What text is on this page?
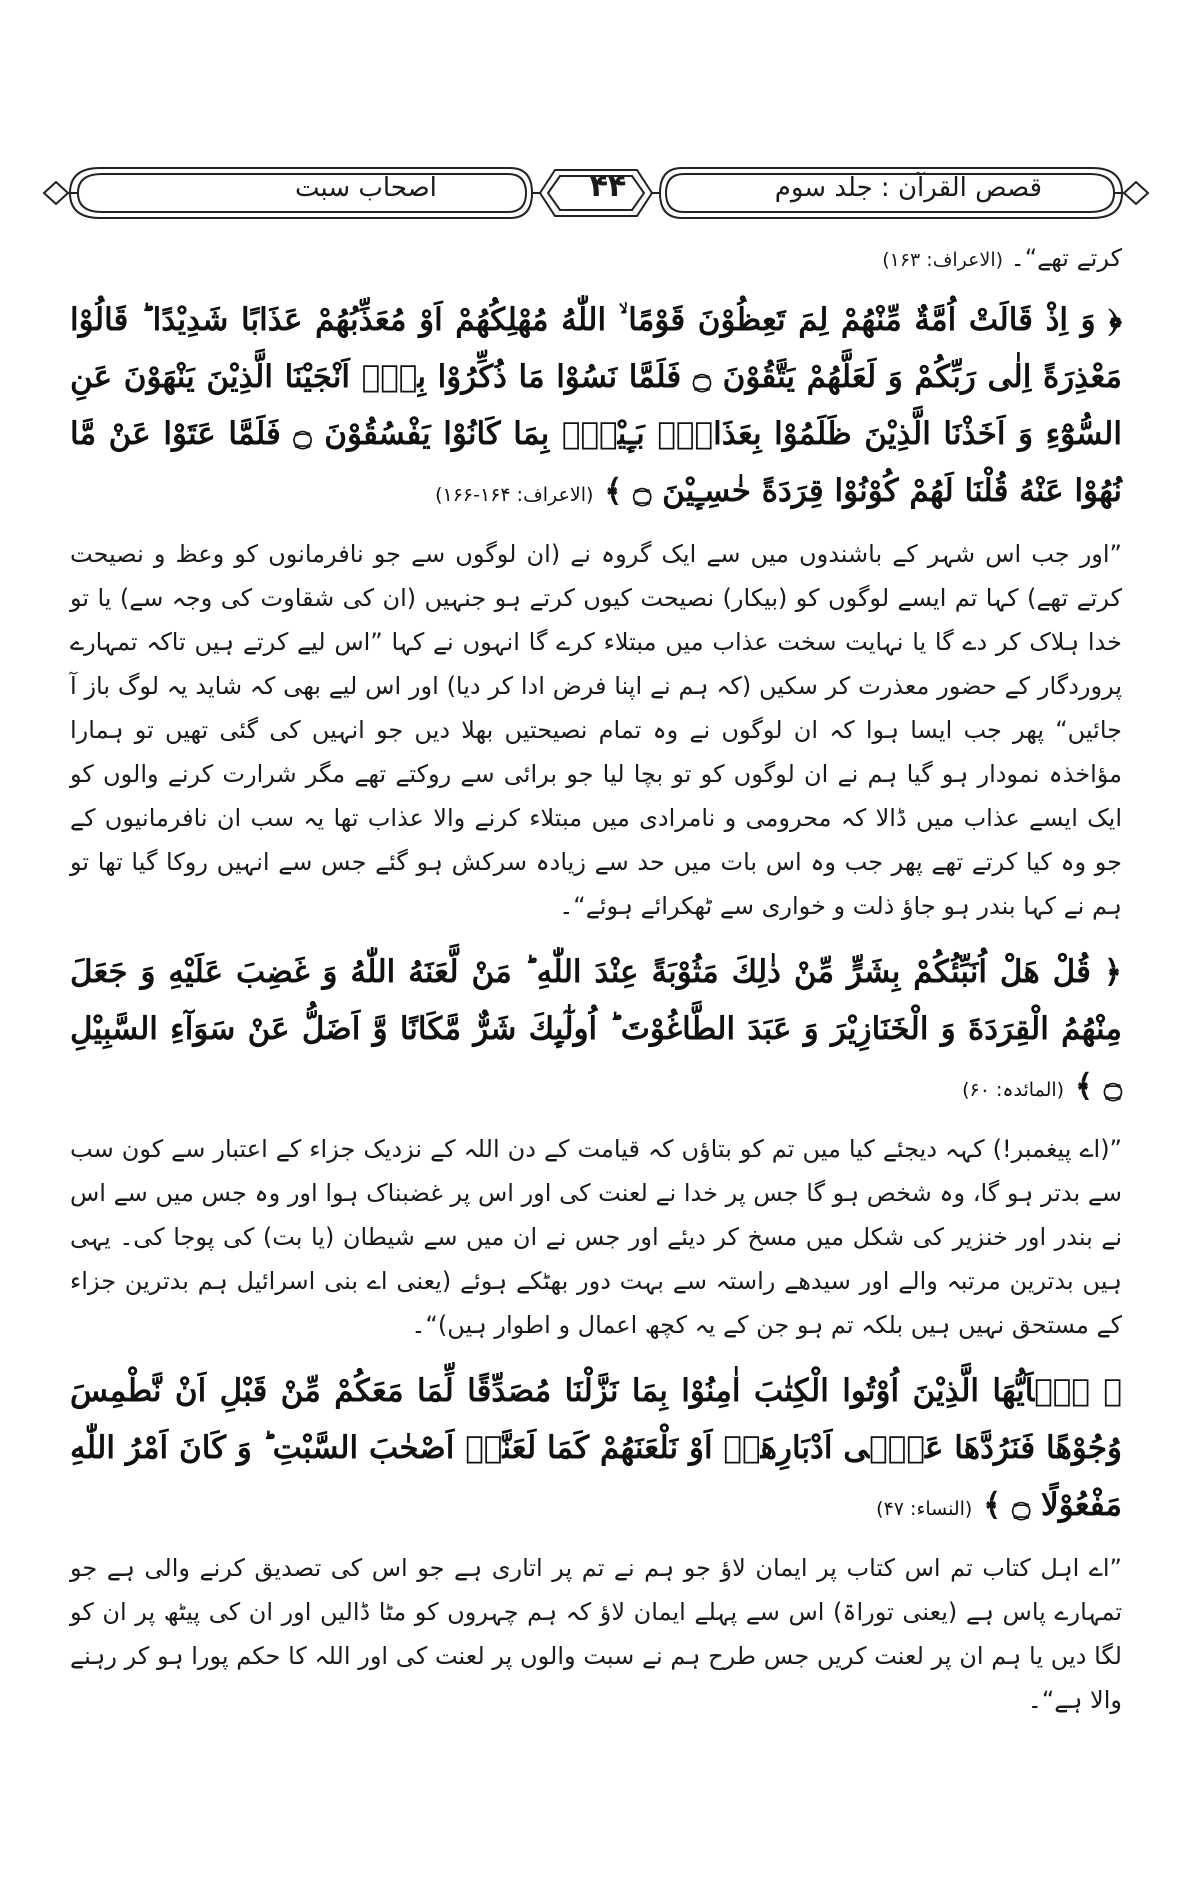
قصص القرآن : جلد سوم
۴۴
اصحاب سبت

کرتے تھے“۔ (الاعراف: ۱۶۳)

﴿ وَ اِذْ قَالَتْ اُمَّةٌ مِّنْهُمْ لِمَ تَعِظُوْنَ قَوْمًا ۙ اللّٰهُ مُهْلِكُهُمْ اَوْ مُعَذِّبُهُمْ عَذَابًا شَدِيْدًا ؕ قَالُوْا مَعْذِرَةً اِلٰى رَبِّكُمْ وَ لَعَلَّهُمْ يَتَّقُوْنَ ۝ فَلَمَّا نَسُوْا مَا ذُكِّرُوْا بِهٖۤ اَنْجَيْنَا الَّذِيْنَ يَنْهَوْنَ عَنِ السُّوْٓءِ وَ اَخَذْنَا الَّذِيْنَ ظَلَمُوْا بِعَذَابٍۭ بَـِٕيْسٍۭ بِمَا كَانُوْا يَفْسُقُوْنَ ۝ فَلَمَّا عَتَوْا عَنْ مَّا نُهُوْا عَنْهُ قُلْنَا لَهُمْ كُوْنُوْا قِرَدَةً خٰسِـِٕيْنَ ۝ ﴾ (الاعراف: ۱۶۴-۱۶۶)

”اور جب اس شہر کے باشندوں میں سے ایک گروہ نے (ان لوگوں سے جو نافرمانوں کو وعظ و نصیحت کرتے تھے) کہا تم ایسے لوگوں کو (بیکار) نصیحت کیوں کرتے ہو جنہیں (ان کی شقاوت کی وجہ سے) یا تو خدا ہلاک کر دے گا یا نہایت سخت عذاب میں مبتلاء کرے گا انہوں نے کہا ”اس لیے کرتے ہیں تاکہ تمہارے پروردگار کے حضور معذرت کر سکیں (کہ ہم نے اپنا فرض ادا کر دیا) اور اس لیے بھی کہ شاید یہ لوگ باز آ جائیں“ پھر جب ایسا ہوا کہ ان لوگوں نے وہ تمام نصیحتیں بھلا دیں جو انہیں کی گئی تھیں تو ہمارا مؤاخذہ نمودار ہو گیا ہم نے ان لوگوں کو تو بچا لیا جو برائی سے روکتے تھے مگر شرارت کرنے والوں کو ایک ایسے عذاب میں ڈالا کہ محرومی و نامرادی میں مبتلاء کرنے والا عذاب تھا یہ سب ان نافرمانیوں کے جو وہ کیا کرتے تھے پھر جب وہ اس بات میں حد سے زیادہ سرکش ہو گئے جس سے انہیں روکا گیا تھا تو ہم نے کہا بندر ہو جاؤ ذلت و خواری سے ٹھکرائے ہوئے“۔

﴿ قُلْ هَلْ اُنَبِّئُكُمْ بِشَرٍّ مِّنْ ذٰلِكَ مَثُوْبَةً عِنْدَ اللّٰهِ ؕ مَنْ لَّعَنَهُ اللّٰهُ وَ غَضِبَ عَلَيْهِ وَ جَعَلَ مِنْهُمُ الْقِرَدَةَ وَ الْخَنَازِيْرَ وَ عَبَدَ الطَّاغُوْتَ ؕ اُولٰٓىِٕكَ شَرٌّ مَّكَانًا وَّ اَضَلُّ عَنْ سَوَآءِ السَّبِيْلِ ۝ ﴾ (المائدہ: ۶۰)

”(اے پیغمبر!) کہہ دیجئے کیا میں تم کو بتاؤں کہ قیامت کے دن اللہ کے نزدیک جزاء کے اعتبار سے کون سب سے بدتر ہو گا، وہ شخص ہو گا جس پر خدا نے لعنت کی اور اس پر غضبناک ہوا اور وہ جس میں سے اس نے بندر اور خنزیر کی شکل میں مسخ کر دیئے اور جس نے ان میں سے شیطان (یا بت) کی پوجا کی۔ یہی ہیں بدترین مرتبہ والے اور سیدھے راستہ سے بہت دور بھٹکے ہوئے (یعنی اے بنی اسرائیل ہم بدترین جزاء کے مستحق نہیں ہیں بلکہ تم ہو جن کے یہ کچھ اعمال و اطوار ہیں)“۔

﴿ يٰۤاَيُّهَا الَّذِيْنَ اُوْتُوا الْكِتٰبَ اٰمِنُوْا بِمَا نَزَّلْنَا مُصَدِّقًا لِّمَا مَعَكُمْ مِّنْ قَبْلِ اَنْ نَّطْمِسَ وُجُوْهًا فَنَرُدَّهَا عَلٰۤى اَدْبَارِهَاۤ اَوْ نَلْعَنَهُمْ كَمَا لَعَنَّاۤ اَصْحٰبَ السَّبْتِ ؕ وَ كَانَ اَمْرُ اللّٰهِ مَفْعُوْلًا ۝ ﴾ (النساء: ۴۷)

”اے اہل کتاب تم اس کتاب پر ایمان لاؤ جو ہم نے تم پر اتاری ہے جو اس کی تصدیق کرنے والی ہے جو تمہارے پاس ہے (یعنی توراۃ) اس سے پہلے ایمان لاؤ کہ ہم چہروں کو مٹا ڈالیں اور ان کی پیٹھ پر ان کو لگا دیں یا ہم ان پر لعنت کریں جس طرح ہم نے سبت والوں پر لعنت کی اور اللہ کا حکم پورا ہو کر رہنے والا ہے“۔
